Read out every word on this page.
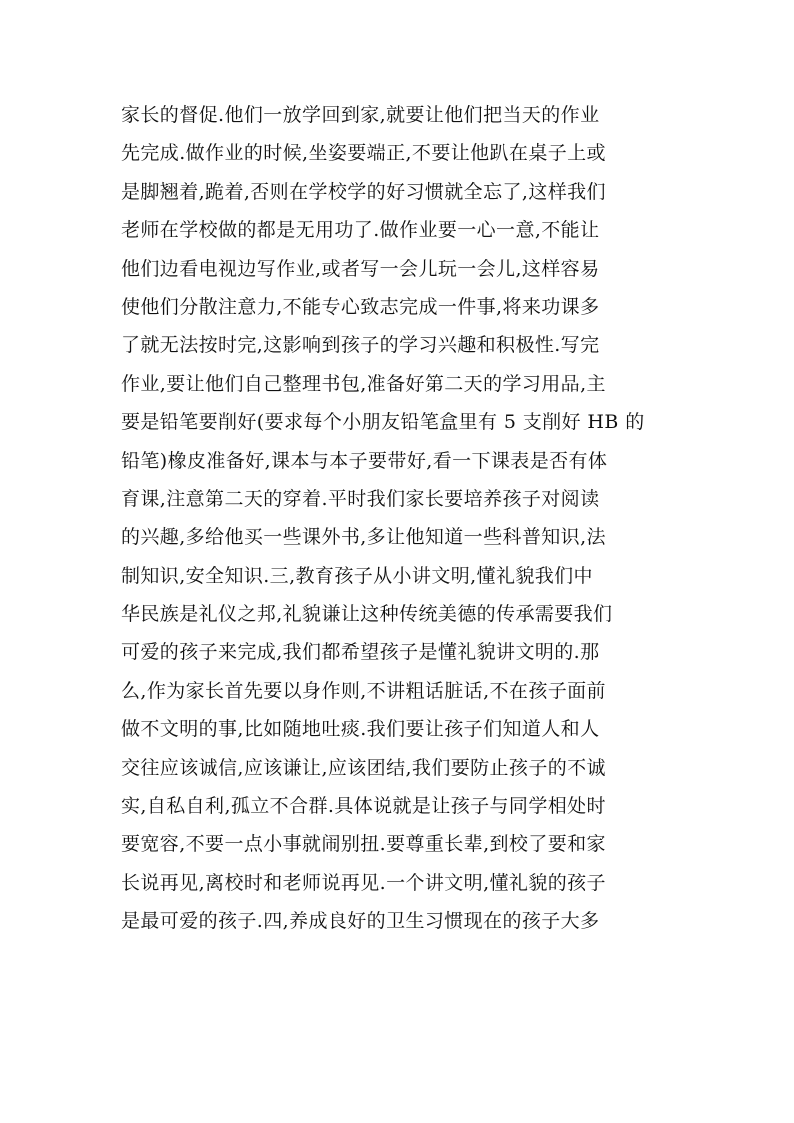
家长的督促.他们一放学回到家,就要让他们把当天的作业
先完成.做作业的时候,坐姿要端正,不要让他趴在桌子上或
是脚翘着,跪着,否则在学校学的好习惯就全忘了,这样我们
老师在学校做的都是无用功了.做作业要一心一意,不能让
他们边看电视边写作业,或者写一会儿玩一会儿,这样容易
使他们分散注意力,不能专心致志完成一件事,将来功课多
了就无法按时完,这影响到孩子的学习兴趣和积极性.写完
作业,要让他们自己整理书包,准备好第二天的学习用品,主
要是铅笔要削好(要求每个小朋友铅笔盒里有 5 支削好 HB 的
铅笔)橡皮准备好,课本与本子要带好,看一下课表是否有体
育课,注意第二天的穿着.平时我们家长要培养孩子对阅读
的兴趣,多给他买一些课外书,多让他知道一些科普知识,法
制知识,安全知识.三,教育孩子从小讲文明,懂礼貌我们中
华民族是礼仪之邦,礼貌谦让这种传统美德的传承需要我们
可爱的孩子来完成,我们都希望孩子是懂礼貌讲文明的.那
么,作为家长首先要以身作则,不讲粗话脏话,不在孩子面前
做不文明的事,比如随地吐痰.我们要让孩子们知道人和人
交往应该诚信,应该谦让,应该团结,我们要防止孩子的不诚
实,自私自利,孤立不合群.具体说就是让孩子与同学相处时
要宽容,不要一点小事就闹别扭.要尊重长辈,到校了要和家
长说再见,离校时和老师说再见.一个讲文明,懂礼貌的孩子
是最可爱的孩子.四,养成良好的卫生习惯现在的孩子大多
